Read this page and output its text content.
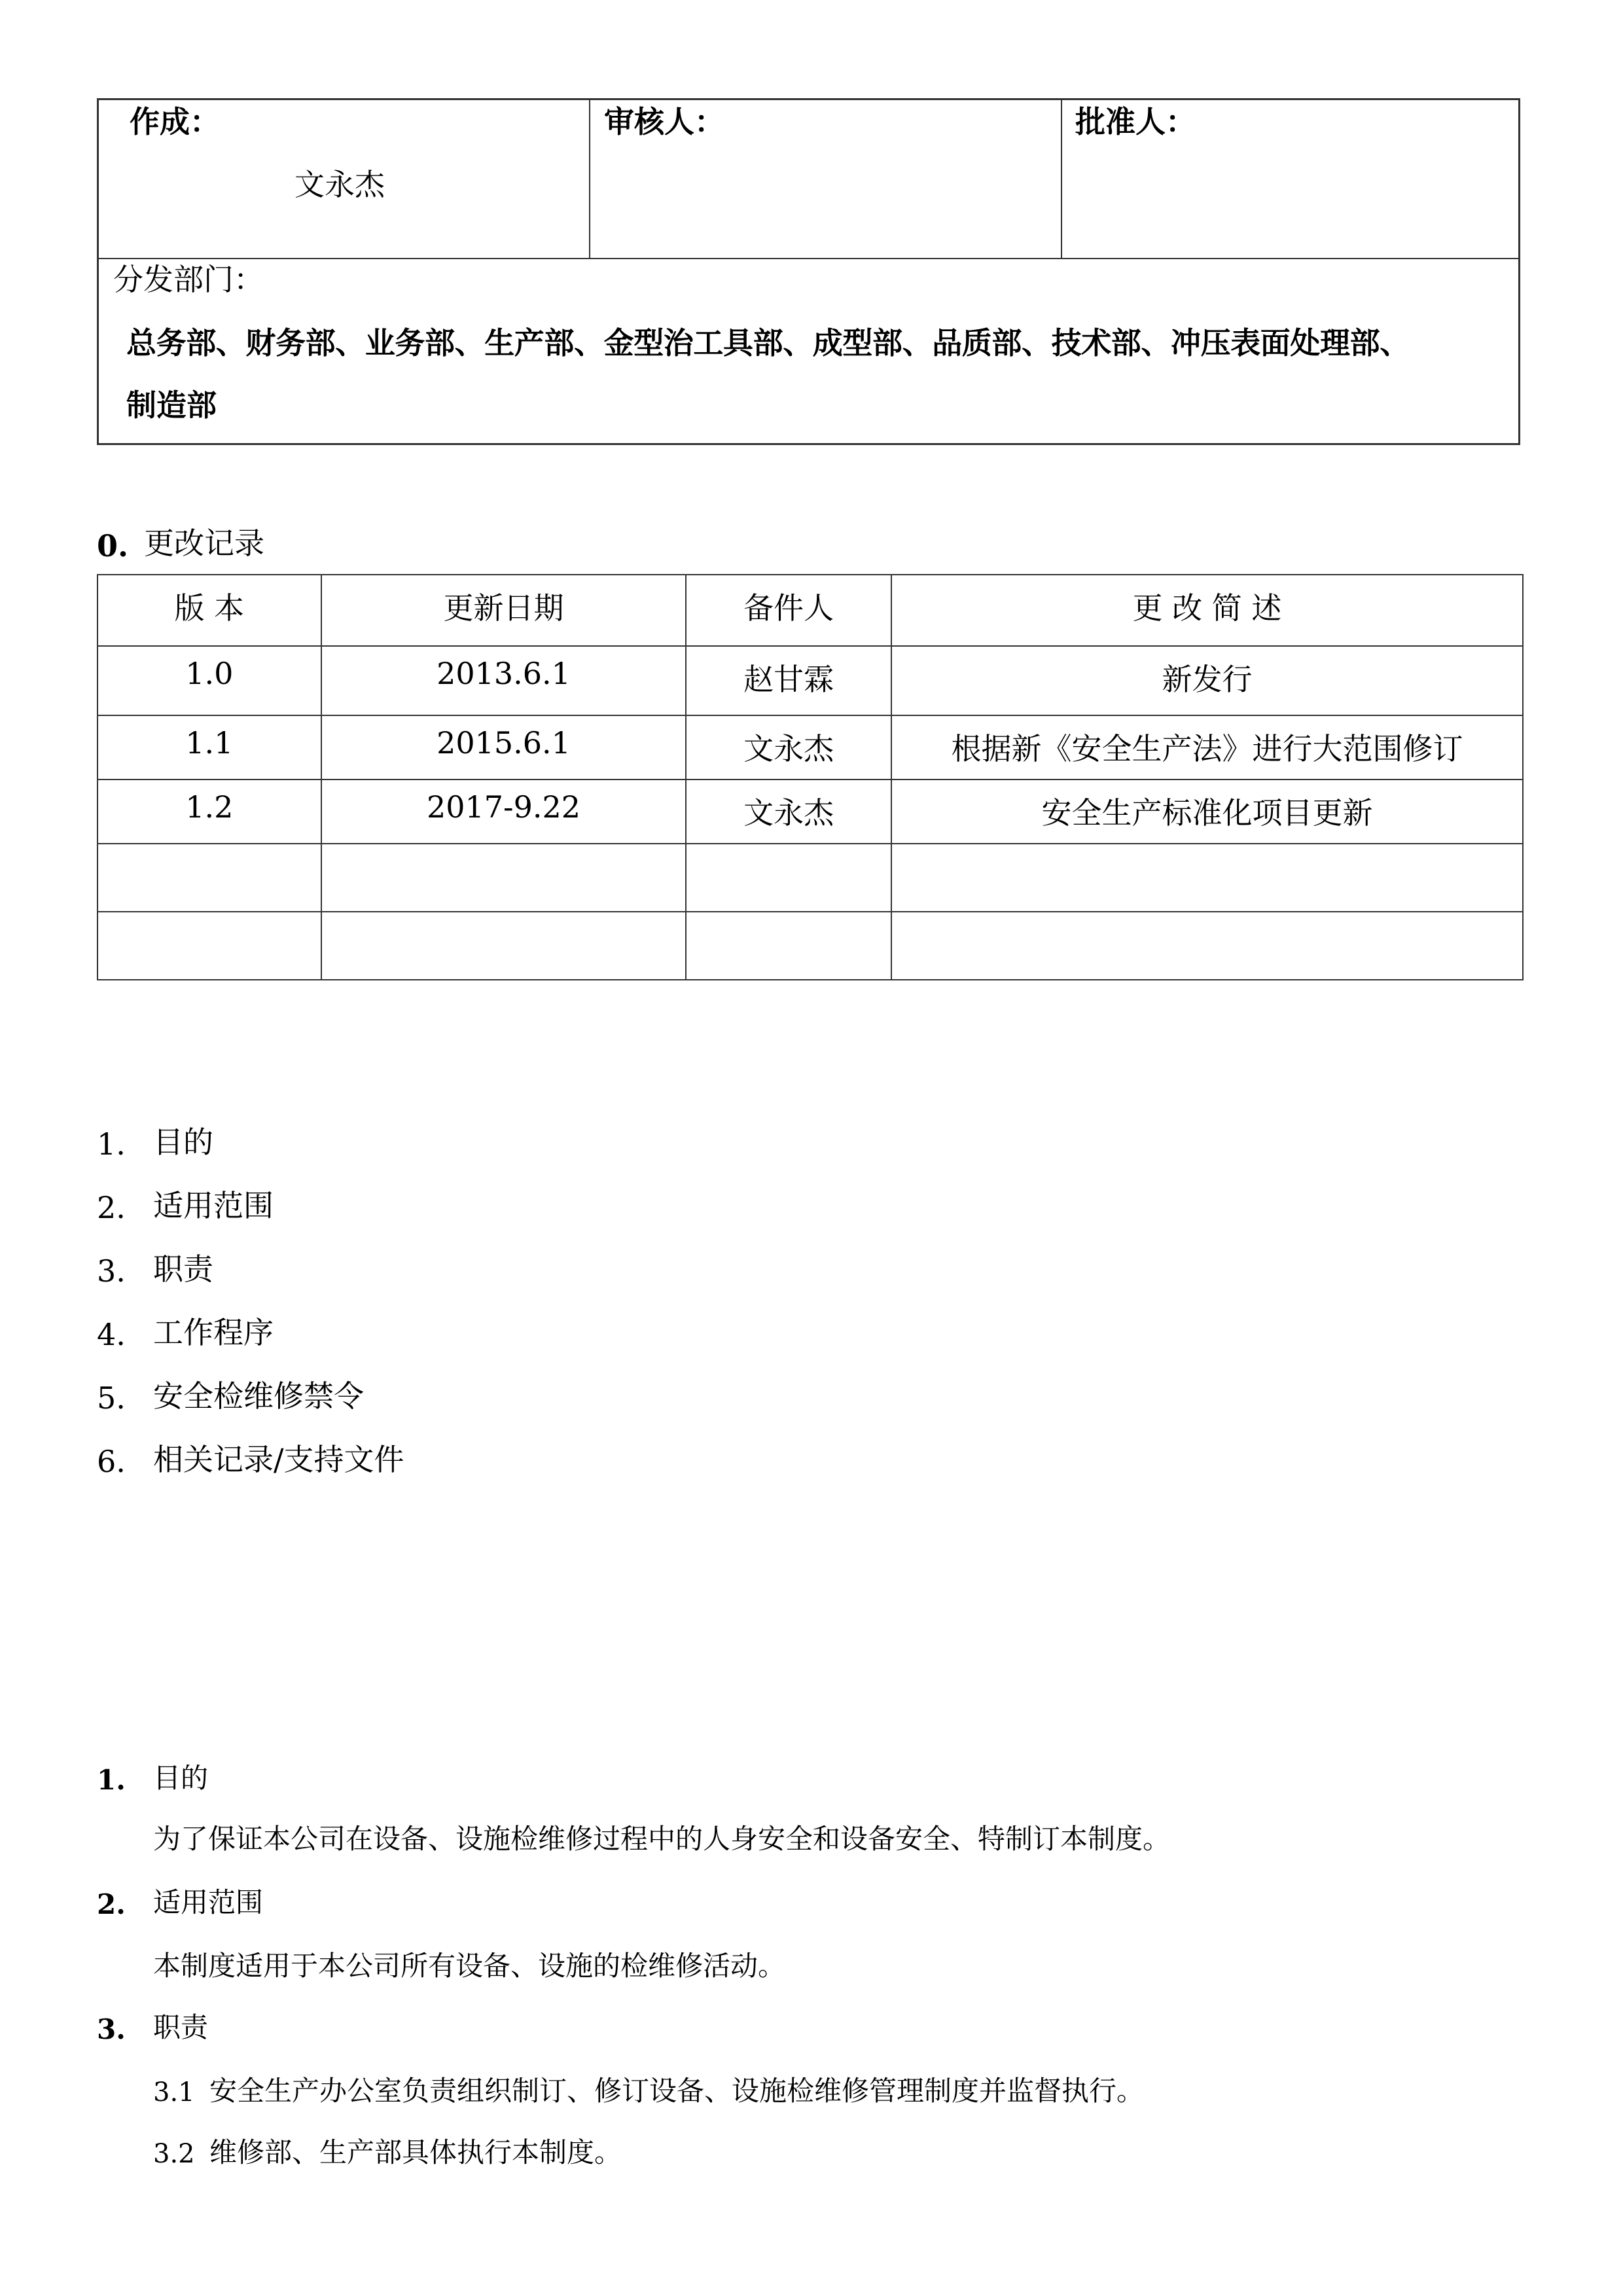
作成：
文永杰
审核人：	批准人：
分发部门：
总务部、财务部、业务部、生产部、金型治工具部、成型部、品质部、技术部、冲压表面处理部、
制造部
0. 更改记录
版 本	更新日期	备件人	更 改 简 述
1.0	2013.6.1	赵甘霖	新发行
1.1	2015.6.1	文永杰	根据新《安全生产法》进行大范围修订
1.2	2017-9.22	文永杰	安全生产标准化项目更新

1. 目的
2. 适用范围
3. 职责
4. 工作程序
5. 安全检维修禁令
6. 相关记录/支持文件
1. 目的
为了保证本公司在设备、设施检维修过程中的人身安全和设备安全、特制订本制度。
2. 适用范围
本制度适用于本公司所有设备、设施的检维修活动。
3. 职责
3.1 安全生产办公室负责组织制订、修订设备、设施检维修管理制度并监督执行。
3.2 维修部、生产部具体执行本制度。
